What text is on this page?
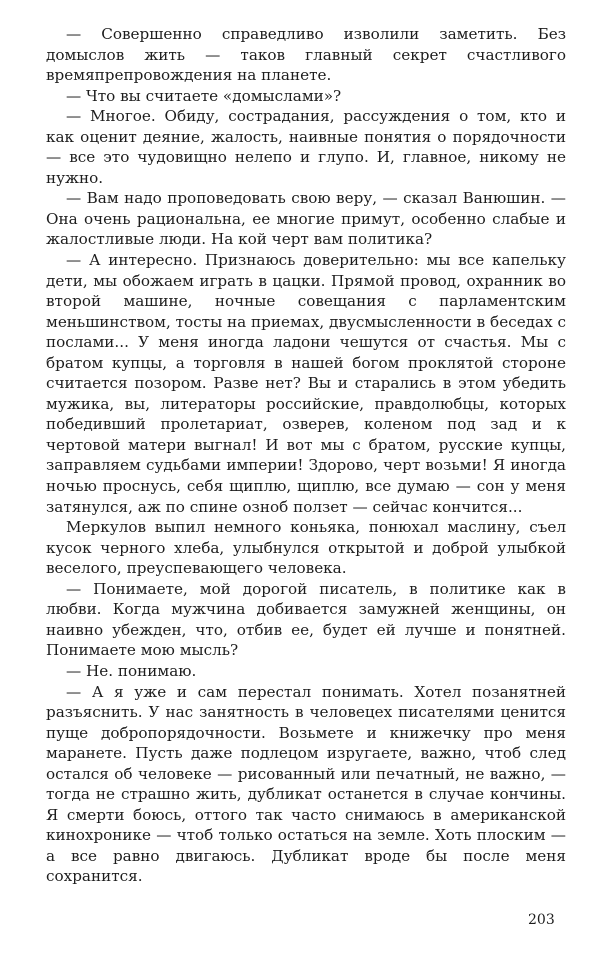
— Совершенно справедливо изволили заметить. Без домыслов жить — таков главный секрет счастливого времяпрепровождения на планете.

— Что вы считаете «домыслами»?

— Многое. Обиду, сострадания, рассуждения о том, кто и как оценит деяние, жалость, наивные понятия о порядочности — все это чудовищно нелепо и глупо. И, главное, никому не нужно.

— Вам надо проповедовать свою веру, — сказал Ванюшин. — Она очень рациональна, ее многие примут, особенно слабые и жалостливые люди. На кой черт вам политика?

— А интересно. Признаюсь доверительно: мы все капельку дети, мы обожаем играть в цацки. Прямой провод, охранник во второй машине, ночные совещания с парламентским меньшинством, тосты на приемах, двусмысленности в беседах с послами... У меня иногда ладони чешутся от счастья. Мы с братом купцы, а торговля в нашей богом проклятой стороне считается позором. Разве нет? Вы и старались в этом убедить мужика, вы, литераторы российские, правдолюбцы, которых победивший пролетариат, озверев, коленом под зад и к чертовой матери выгнал! И вот мы с братом, русские купцы, заправляем судьбами империи! Здорово, черт возьми! Я иногда ночью проснусь, себя щиплю, щиплю, все думаю — сон у меня затянулся, аж по спине озноб ползет — сейчас кончится...

Меркулов выпил немного коньяка, понюхал маслину, съел кусок черного хлеба, улыбнулся открытой и доброй улыбкой веселого, преуспевающего человека.

— Понимаете, мой дорогой писатель, в политике как в любви. Когда мужчина добивается замужней женщины, он наивно убежден, что, отбив ее, будет ей лучше и понятней. Понимаете мою мысль?

— Не. понимаю.

— А я уже и сам перестал понимать. Хотел позанятней разъяснить. У нас занятность в человецех писателями ценится пуще добропорядочности. Возьмете и книжечку про меня маранете. Пусть даже подлецом изругаете, важно, чтоб след остался об человеке — рисованный или печатный, не важно, — тогда не страшно жить, дубликат останется в случае кончины. Я смерти боюсь, оттого так часто снимаюсь в американской кинохронике — чтоб только остаться на земле. Хоть плоским — а все равно двигаюсь. Дубликат вроде бы после меня сохранится.

203
